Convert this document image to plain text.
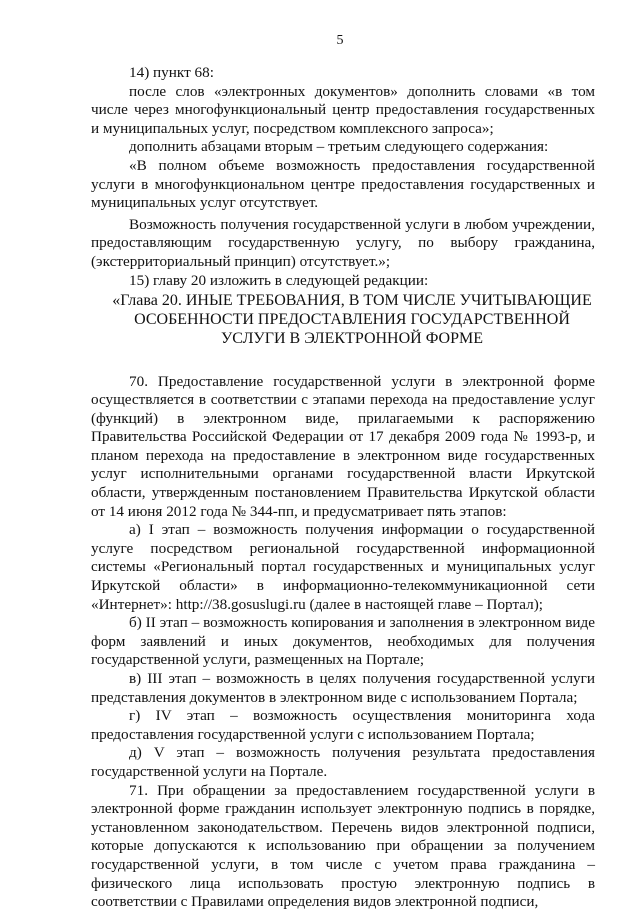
5

14) пункт 68:

после слов «электронных документов» дополнить словами «в том числе через многофункциональный центр предоставления государственных и муниципальных услуг, посредством комплексного запроса»;

дополнить абзацами вторым – третьим следующего содержания:

«В полном объеме возможность предоставления государственной услуги в многофункциональном центре предоставления государственных и муниципальных услуг отсутствует.

Возможность получения государственной услуги в любом учреждении, предоставляющим государственную услугу, по выбору гражданина, (экстерриториальный принцип) отсутствует.»;

15) главу 20 изложить в следующей редакции:

«Глава 20. ИНЫЕ ТРЕБОВАНИЯ, В ТОМ ЧИСЛЕ УЧИТЫВАЮЩИЕ ОСОБЕННОСТИ ПРЕДОСТАВЛЕНИЯ ГОСУДАРСТВЕННОЙ УСЛУГИ В ЭЛЕКТРОННОЙ ФОРМЕ

70. Предоставление государственной услуги в электронной форме осуществляется в соответствии с этапами перехода на предоставление услуг (функций) в электронном виде, прилагаемыми к распоряжению Правительства Российской Федерации от 17 декабря 2009 года № 1993-р, и планом перехода на предоставление в электронном виде государственных услуг исполнительными органами государственной власти Иркутской области, утвержденным постановлением Правительства Иркутской области от 14 июня 2012 года № 344-пп, и предусматривает пять этапов:

а) I этап – возможность получения информации о государственной услуге посредством региональной государственной информационной системы «Региональный портал государственных и муниципальных услуг Иркутской области» в информационно-телекоммуникационной сети «Интернет»: http://38.gosuslugi.ru (далее в настоящей главе – Портал);

б) II этап – возможность копирования и заполнения в электронном виде форм заявлений и иных документов, необходимых для получения государственной услуги, размещенных на Портале;

в) III этап – возможность в целях получения государственной услуги представления документов в электронном виде с использованием Портала;

г) IV этап – возможность осуществления мониторинга хода предоставления государственной услуги с использованием Портала;

д) V этап – возможность получения результата предоставления государственной услуги на Портале.

71. При обращении за предоставлением государственной услуги в электронной форме гражданин использует электронную подпись в порядке, установленном законодательством. Перечень видов электронной подписи, которые допускаются к использованию при обращении за получением государственной услуги, в том числе с учетом права гражданина – физического лица использовать простую электронную подпись в соответствии с Правилами определения видов электронной подписи,
